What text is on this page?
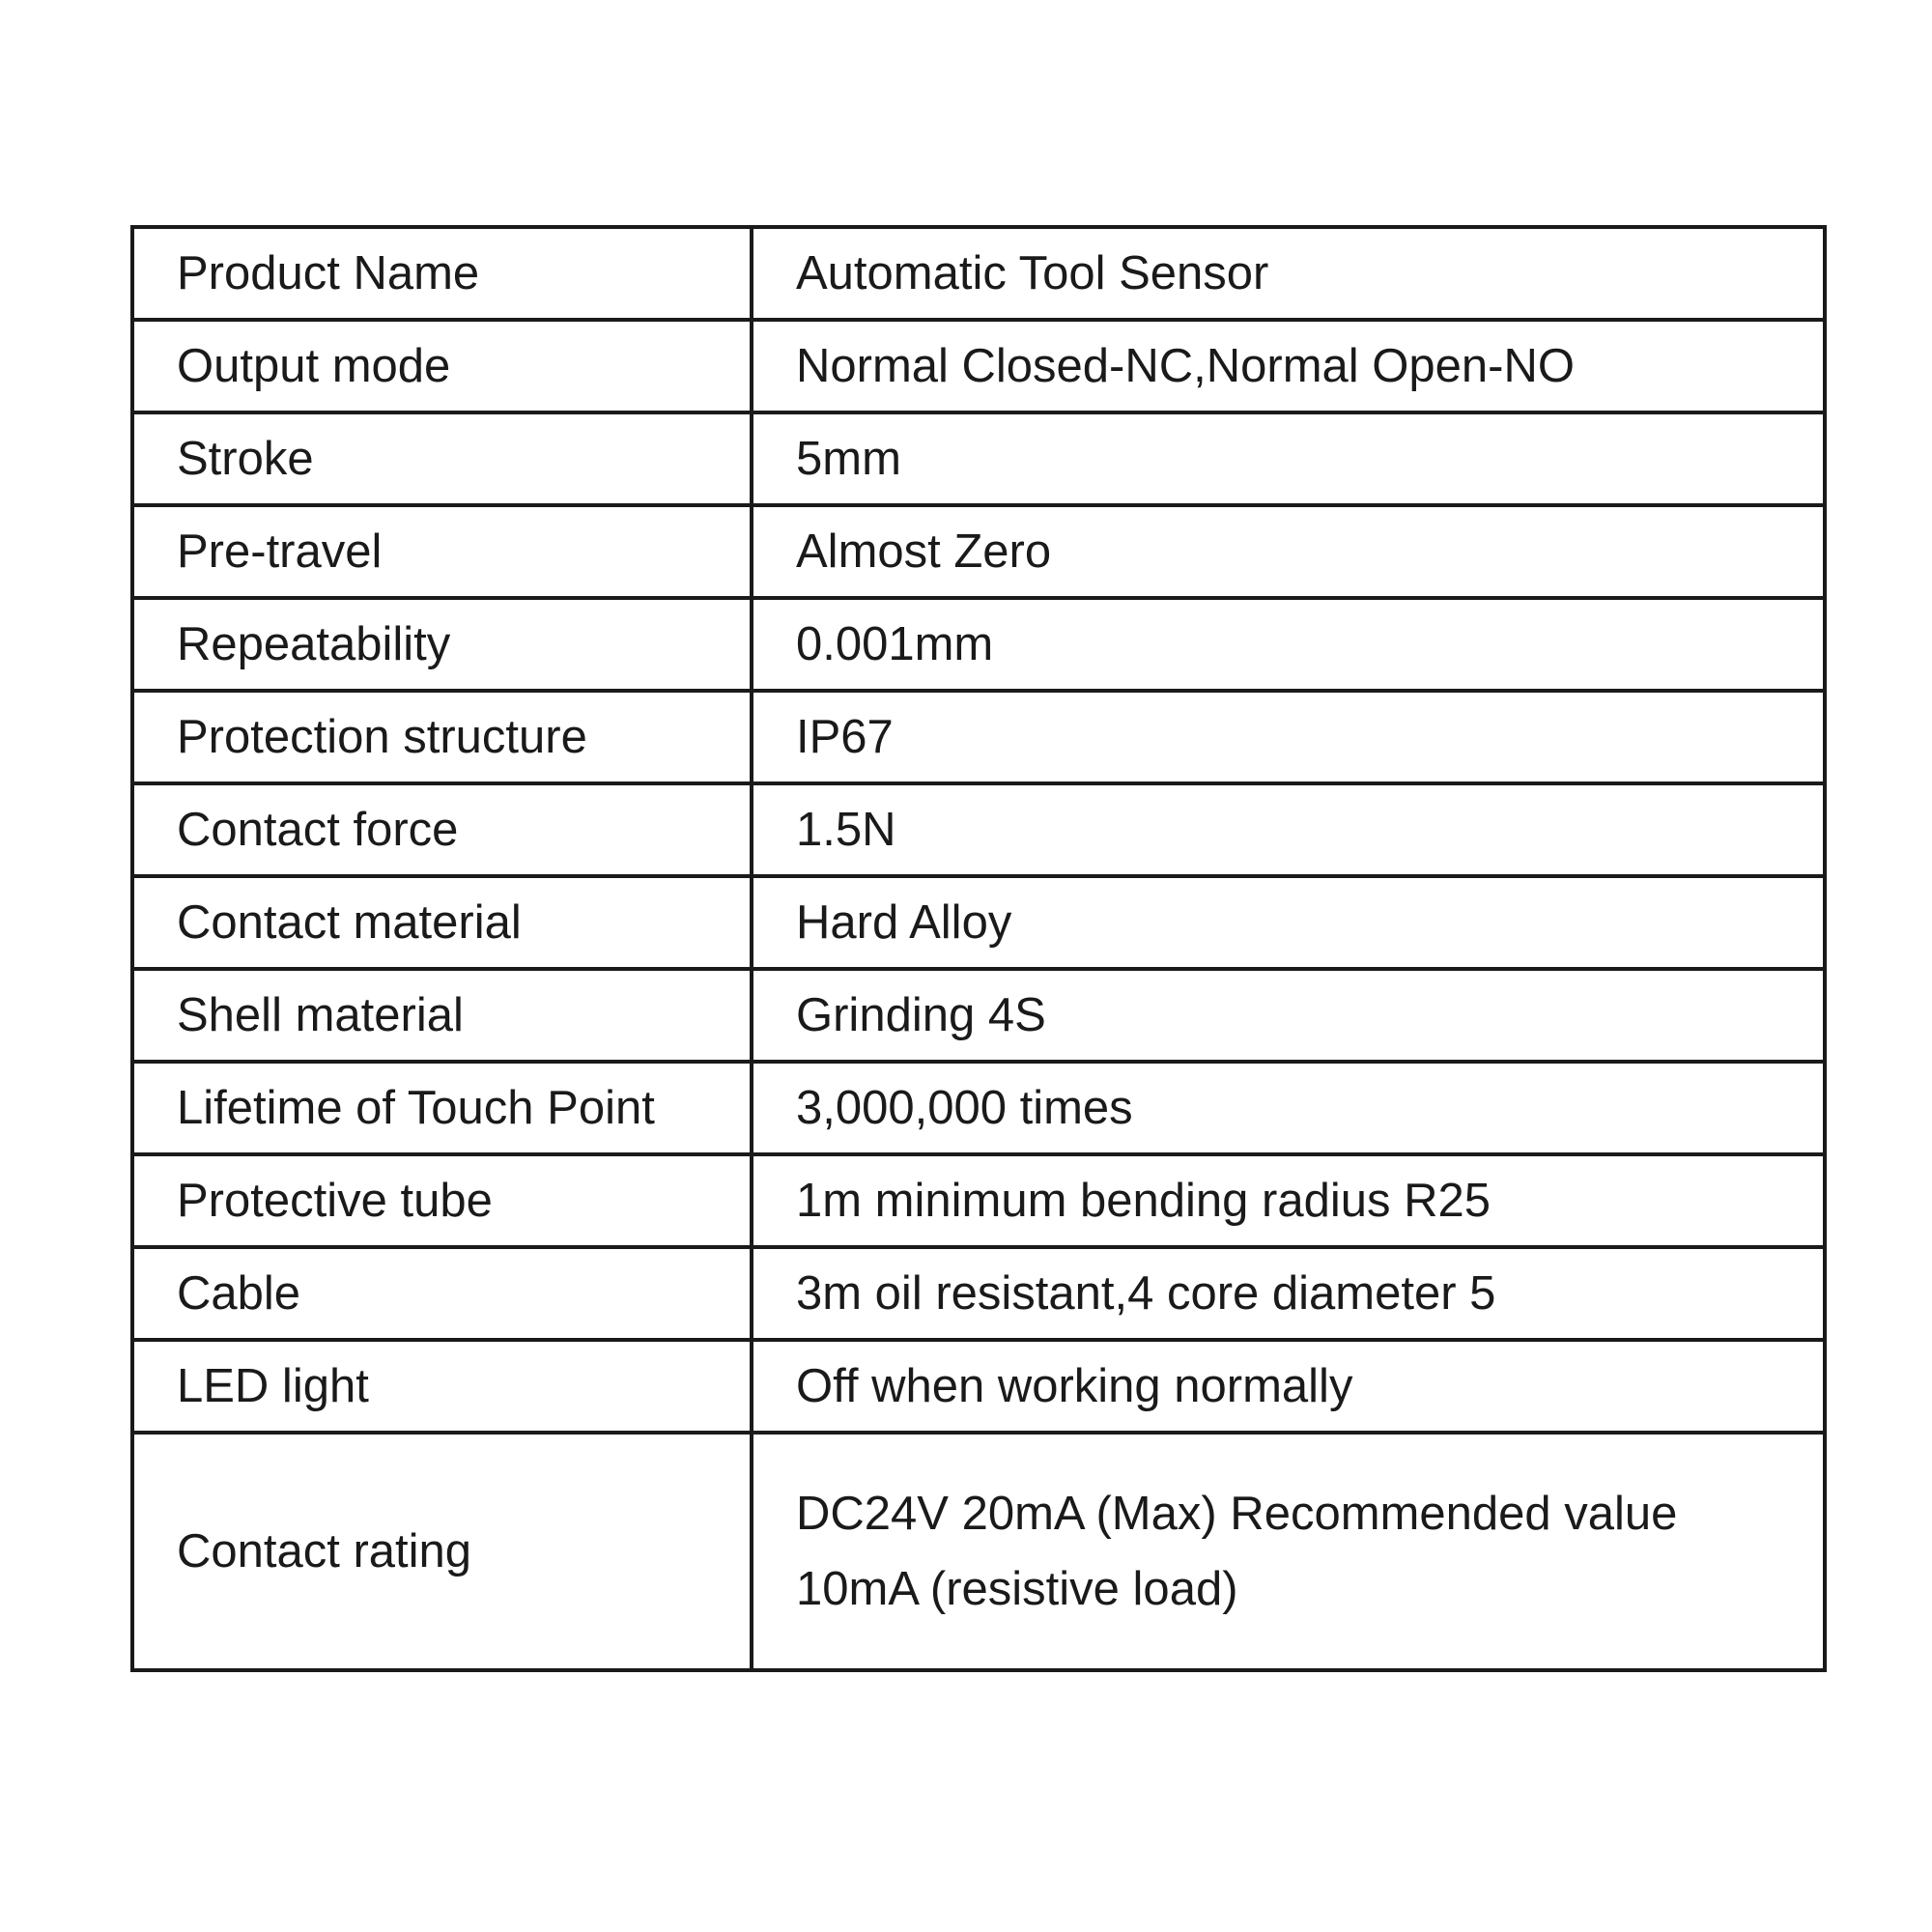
Product Name	Automatic Tool Sensor
Output mode	Normal Closed-NC,Normal Open-NO
Stroke	5mm
Pre-travel	Almost Zero
Repeatability	0.001mm
Protection structure	IP67
Contact force	1.5N
Contact material	Hard Alloy
Shell material	Grinding 4S
Lifetime of Touch Point	3,000,000 times
Protective tube	1m minimum bending radius R25
Cable	3m oil resistant,4 core diameter 5
LED light	Off when working normally
Contact rating	DC24V 20mA (Max) Recommended value
10mA (resistive load)
